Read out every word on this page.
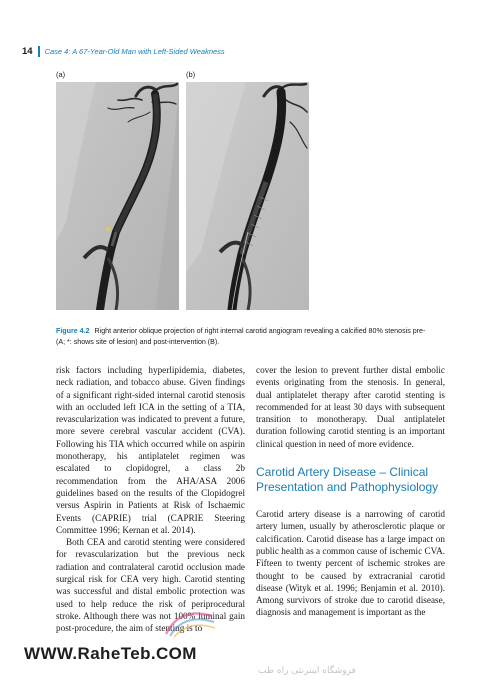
14	Case 4: A 67-Year-Old Man with Left-Sided Weakness
(a)	(b)
*
Figure 4.2 Right anterior oblique projection of right internal carotid angiogram revealing a calcified 80% stenosis pre- (A; *: shows site of lesion) and post-intervention (B).

risk factors including hyperlipidemia, diabetes, neck radiation, and tobacco abuse. Given findings of a significant right-sided internal carotid stenosis with an occluded left ICA in the setting of a TIA, revascularization was indicated to prevent a future, more severe cerebral vascular accident (CVA). Following his TIA which occurred while on aspirin monotherapy, his antiplatelet regimen was escalated to clopidogrel, a class 2b recommendation from the AHA/ASA 2006 guidelines based on the results of the Clopidogrel versus Aspirin in Patients at Risk of Ischaemic Events (CAPRIE) trial (CAPRIE Steering Committee 1996; Kernan et al. 2014).

Both CEA and carotid stenting were considered for revascularization but the previous neck radiation and contralateral carotid occlusion made surgical risk for CEA very high. Carotid stenting was successful and distal embolic protection was used to help reduce the risk of periprocedural stroke. Although there was not 100% luminal gain post-procedure, the aim of stenting is to

cover the lesion to prevent further distal embolic events originating from the stenosis. In general, dual antiplatelet therapy after carotid stenting is recommended for at least 30 days with subsequent transition to monotherapy. Dual antiplatelet duration following carotid stenting is an important clinical question in need of more evidence.

Carotid Artery Disease – Clinical Presentation and Pathophysiology

Carotid artery disease is a narrowing of carotid artery lumen, usually by atherosclerotic plaque or calcification. Carotid disease has a large impact on public health as a common cause of ischemic CVA. Fifteen to twenty percent of ischemic strokes are thought to be caused by extracranial carotid disease (Wityk et al. 1996; Benjamin et al. 2010). Among survivors of stroke due to carotid disease, diagnosis and management is important as the

WWW.RaheTeb.COM
فروشگاه اینترنتی راه طب
